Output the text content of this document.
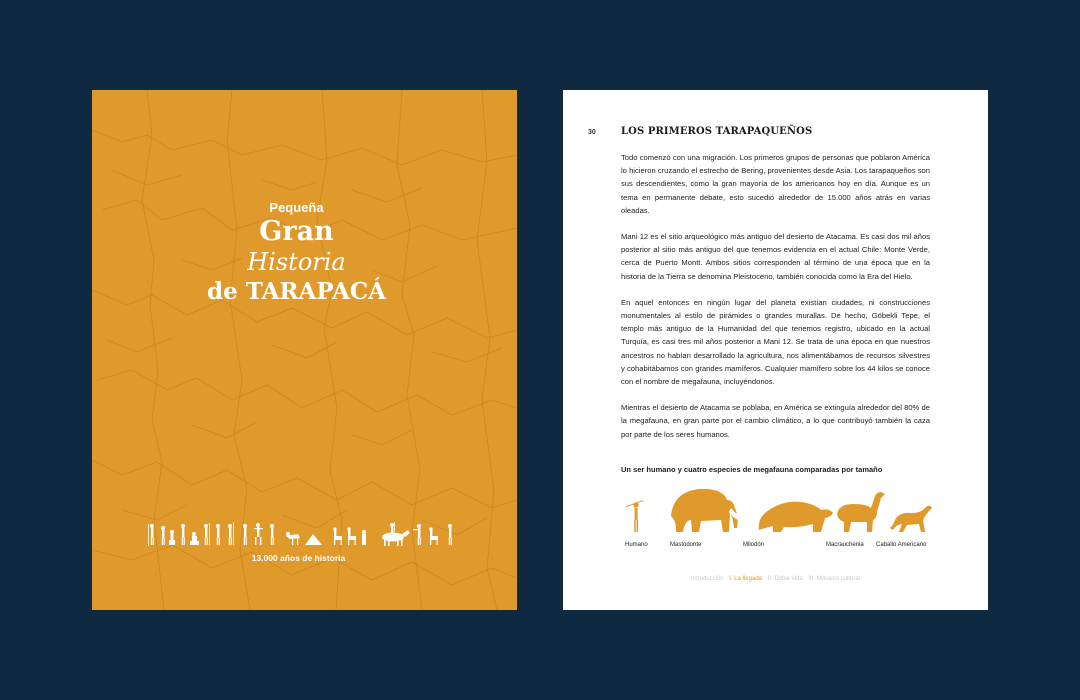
Pequeña
Gran
Historia
de TARAPACÁ
13.000 años de historia
30	LOS PRIMEROS TARAPAQUEÑOS

Todo comenzó con una migración. Los primeros grupos de personas que poblaron América lo hicieron cruzando el estrecho de Bering, provenientes desde Asia. Los tarapaqueños son sus descendientes, como la gran mayoría de los americanos hoy en día. Aunque es un tema en permanente debate, esto sucedió alrededor de 15.000 años atrás en varias oleadas.

Mani 12 es el sitio arqueológico más antiguo del desierto de Atacama. Es casi dos mil años posterior al sitio más antiguo del que tenemos evidencia en el actual Chile: Monte Verde, cerca de Puerto Montt. Ambos sitios corresponden al término de una época que en la historia de la Tierra se denomina Pleistoceno, también conocida como la Era del Hielo.

En aquel entonces en ningún lugar del planeta existían ciudades, ni construcciones monumentales al estilo de pirámides o grandes murallas. De hecho, Göbekli Tepe, el templo más antiguo de la Humanidad del que tenemos registro, ubicado en la actual Turquía, es casi tres mil años posterior a Mani 12. Se trata de una época en que nuestros ancestros no habían desarrollado la agricultura, nos alimentábamos de recursos silvestres y cohabitábamos con grandes mamíferos. Cualquier mamífero sobre los 44 kilos se conoce con el nombre de megafauna, incluyéndonos.

Mientras el desierto de Atacama se poblaba, en América se extinguía alrededor del 80% de la megafauna, en gran parte por el cambio climático, a lo que contribuyó también la caza por parte de los seres humanos.

Un ser humano y cuatro especies de megafauna comparadas por tamaño
Humano	Mastodonte	Milodón	Macrauchenia Caballo Americano
Introducción I. La llegada II. Doble vida III. Mosaico cultural
